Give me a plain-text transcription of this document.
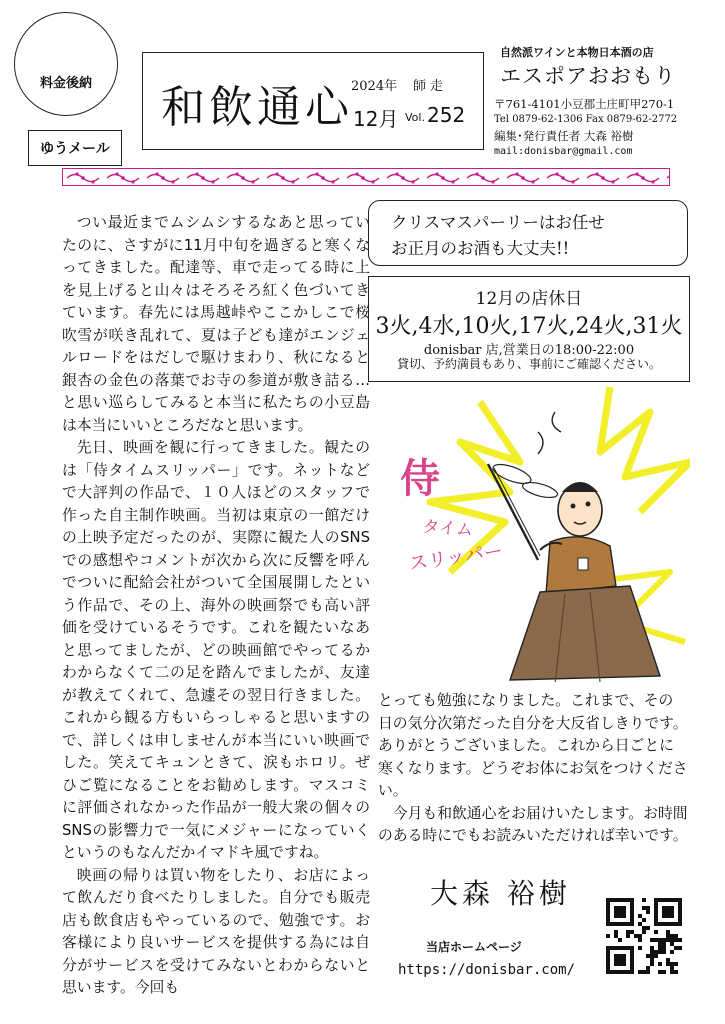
料金後納
ゆうメール
和飲通心
2024年 師走
12月 Vol. 252
自然派ワインと本物日本酒の店
エスポアおおもり
〒761-4101小豆郡土庄町甲270-1
Tel 0879-62-1306 Fax 0879-62-2772
編集･発行責任者 大森 裕樹
mail:donisbar@gmail.com

つい最近までムシムシするなあと思っていたのに、さすがに11月中旬を過ぎると寒くなってきました。配達等、車で走ってる時に上を見上げると山々はそろそろ紅く色づいてきています。春先には馬越峠やここかしこで桜吹雪が咲き乱れて、夏は子ども達がエンジェルロードをはだしで駆けまわり、秋になると銀杏の金色の落葉でお寺の参道が敷き詰る…と思い巡らしてみると本当に私たちの小豆島は本当にいいところだなと思います。

先日、映画を観に行ってきました。観たのは「侍タイムスリッパー」です。ネットなどで大評判の作品で、１０人ほどのスタッフで作った自主制作映画。当初は東京の一館だけの上映予定だったのが、実際に観た人のSNSでの感想やコメントが次から次に反響を呼んでついに配給会社がついて全国展開したという作品で、その上、海外の映画祭でも高い評価を受けているそうです。これを観たいなあと思ってましたが、どの映画館でやってるかわからなくて二の足を踏んでましたが、友達が教えてくれて、急遽その翌日行きました。これから観る方もいらっしゃると思いますので、詳しくは申しませんが本当にいい映画でした。笑えてキュンときて、涙もホロリ。ぜひご覧になることをお勧めします。マスコミに評価されなかった作品が一般大衆の個々のSNSの影響力で一気にメジャーになっていくというのもなんだかイマドキ風ですね。

映画の帰りは買い物をしたり、お店によって飲んだり食べたりしました。自分でも販売店も飲食店もやっているので、勉強です。お客様により良いサービスを提供する為には自分がサービスを受けてみないとわからないと思います。今回も

クリスマスパーリーはお任せ
お正月のお酒も大丈夫!!
12月の店休日
3火,4水,10火,17火,24火,31火
donisbar 店,営業日の18:00-22:00
貸切、予約満員もあり、事前にご確認ください。
侍
タイム
スリッパー

とっても勉強になりました。これまで、その日の気分次第だった自分を大反省しきりです。ありがとうございました。これから日ごとに寒くなります。どうぞお体にお気をつけください。

今月も和飲通心をお届けいたします。お時間のある時にでもお読みいただければ幸いです。

大森 裕樹
当店ホームページ
https://donisbar.com/
